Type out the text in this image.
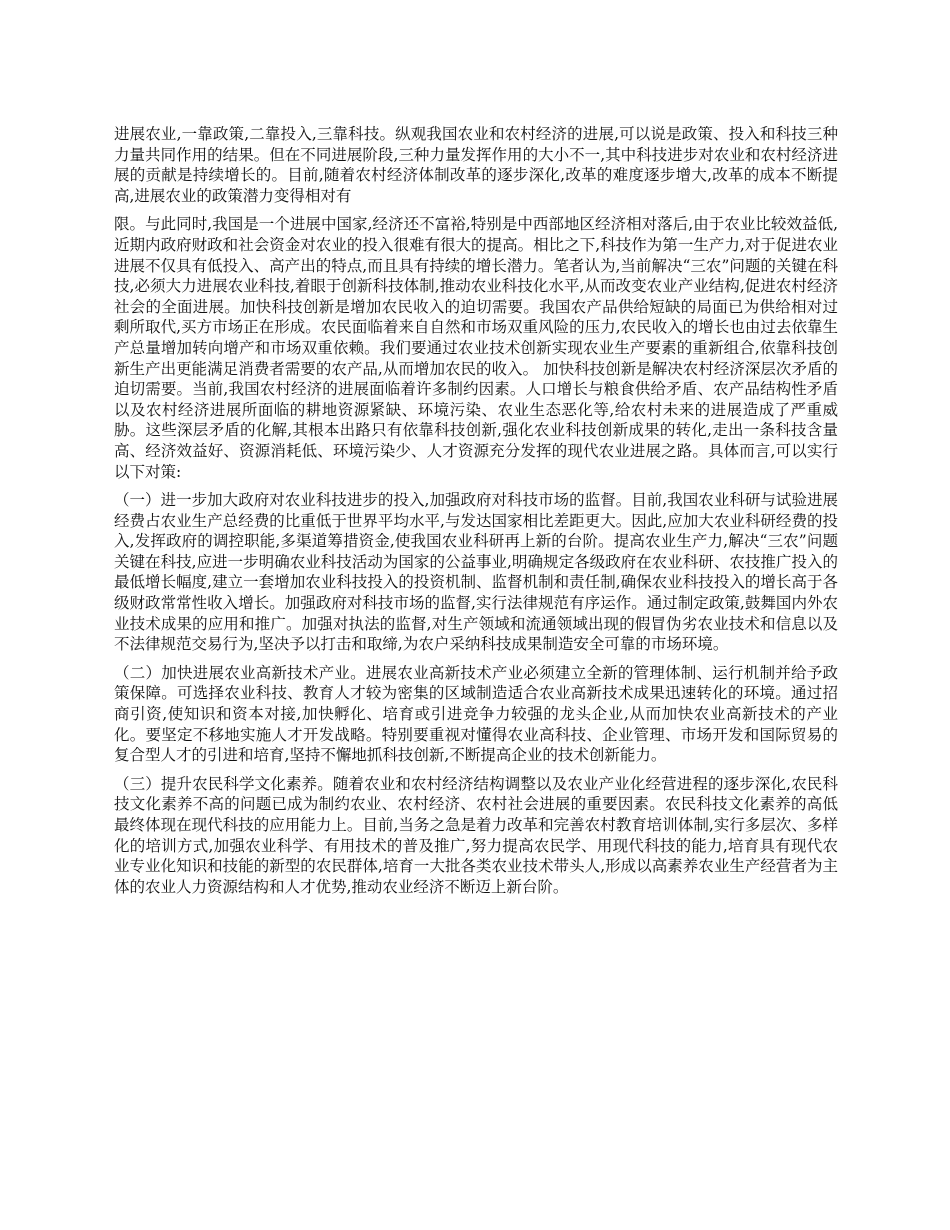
进展农业,一靠政策,二靠投入,三靠科技。纵观我国农业和农村经济的进展,可以说是政策、投入和科技三种力量共同作用的结果。但在不同进展阶段,三种力量发挥作用的大小不一,其中科技进步对农业和农村经济进展的贡献是持续增长的。目前,随着农村经济体制改革的逐步深化,改革的难度逐步增大,改革的成本不断提高,进展农业的政策潜力变得相对有

限。与此同时,我国是一个进展中国家,经济还不富裕,特别是中西部地区经济相对落后,由于农业比较效益低,近期内政府财政和社会资金对农业的投入很难有很大的提高。相比之下,科技作为第一生产力,对于促进农业进展不仅具有低投入、高产出的特点,而且具有持续的增长潜力。笔者认为,当前解决“三农”问题的关键在科技,必须大力进展农业科技,着眼于创新科技体制,推动农业科技化水平,从而改变农业产业结构,促进农村经济社会的全面进展。加快科技创新是增加农民收入的迫切需要。我国农产品供给短缺的局面已为供给相对过剩所取代,买方市场正在形成。农民面临着来自自然和市场双重风险的压力,农民收入的增长也由过去依靠生产总量增加转向增产和市场双重依赖。我们要通过农业技术创新实现农业生产要素的重新组合,依靠科技创新生产出更能满足消费者需要的农产品,从而增加农民的收入。 加快科技创新是解决农村经济深层次矛盾的迫切需要。当前,我国农村经济的进展面临着许多制约因素。人口增长与粮食供给矛盾、农产品结构性矛盾以及农村经济进展所面临的耕地资源紧缺、环境污染、农业生态恶化等,给农村未来的进展造成了严重威胁。这些深层矛盾的化解,其根本出路只有依靠科技创新,强化农业科技创新成果的转化,走出一条科技含量高、经济效益好、资源消耗低、环境污染少、人才资源充分发挥的现代农业进展之路。具体而言,可以实行以下对策:

（一）进一步加大政府对农业科技进步的投入,加强政府对科技市场的监督。目前,我国农业科研与试验进展经费占农业生产总经费的比重低于世界平均水平,与发达国家相比差距更大。因此,应加大农业科研经费的投入,发挥政府的调控职能,多渠道筹措资金,使我国农业科研再上新的台阶。提高农业生产力,解决“三农”问题关键在科技,应进一步明确农业科技活动为国家的公益事业,明确规定各级政府在农业科研、农技推广投入的最低增长幅度,建立一套增加农业科技投入的投资机制、监督机制和责任制,确保农业科技投入的增长高于各级财政常常性收入增长。加强政府对科技市场的监督,实行法律规范有序运作。通过制定政策,鼓舞国内外农业技术成果的应用和推广。加强对执法的监督,对生产领域和流通领域出现的假冒伪劣农业技术和信息以及不法律规范交易行为,坚决予以打击和取缔,为农户采纳科技成果制造安全可靠的市场环境。

（二）加快进展农业高新技术产业。进展农业高新技术产业必须建立全新的管理体制、运行机制并给予政策保障。可选择农业科技、教育人才较为密集的区域制造适合农业高新技术成果迅速转化的环境。通过招商引资,使知识和资本对接,加快孵化、培育或引进竞争力较强的龙头企业,从而加快农业高新技术的产业化。要坚定不移地实施人才开发战略。特别要重视对懂得农业高科技、企业管理、市场开发和国际贸易的复合型人才的引进和培育,坚持不懈地抓科技创新,不断提高企业的技术创新能力。

（三）提升农民科学文化素养。随着农业和农村经济结构调整以及农业产业化经营进程的逐步深化,农民科技文化素养不高的问题已成为制约农业、农村经济、农村社会进展的重要因素。农民科技文化素养的高低最终体现在现代科技的应用能力上。目前,当务之急是着力改革和完善农村教育培训体制,实行多层次、多样化的培训方式,加强农业科学、有用技术的普及推广,努力提高农民学、用现代科技的能力,培育具有现代农业专业化知识和技能的新型的农民群体,培育一大批各类农业技术带头人,形成以高素养农业生产经营者为主体的农业人力资源结构和人才优势,推动农业经济不断迈上新台阶。
